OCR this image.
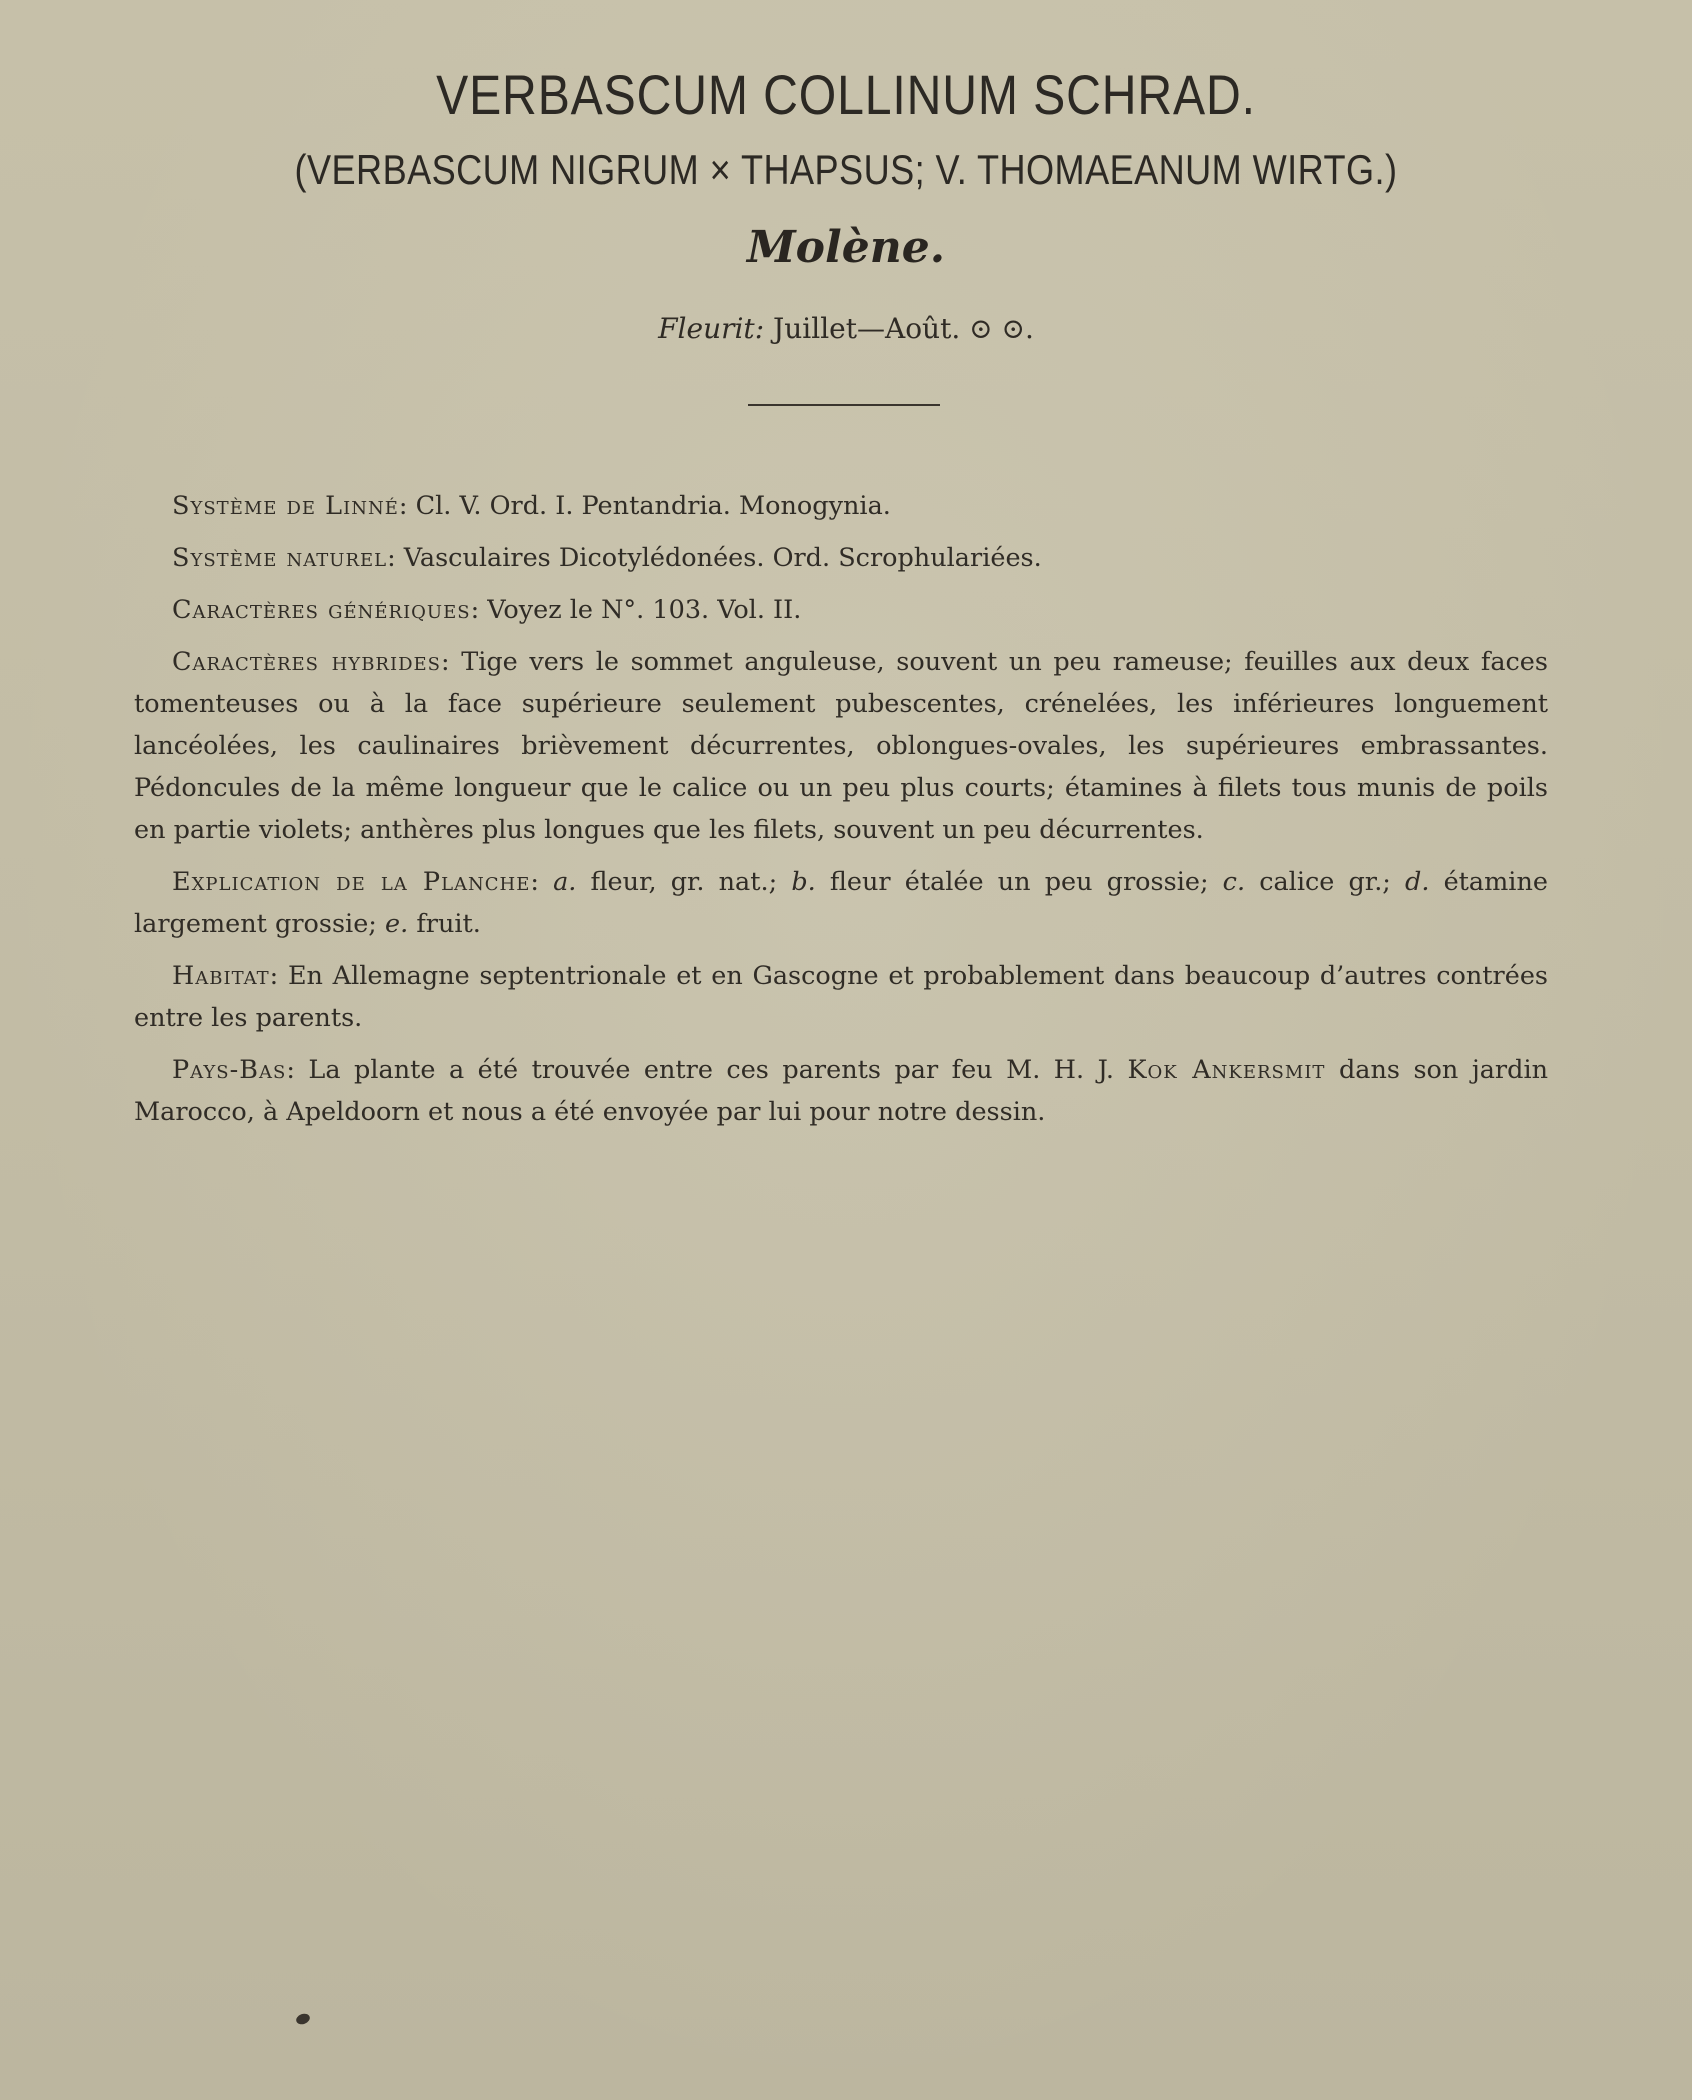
VERBASCUM COLLINUM SCHRAD.
(VERBASCUM NIGRUM × THAPSUS; V. THOMAEANUM WIRTG.)
Molène.
Fleurit: Juillet—Août. ⊙ ⊙.

Système de Linné: Cl. V. Ord. I. Pentandria. Monogynia.

Système naturel: Vasculaires Dicotylédonées. Ord. Scrophulariées.

Caractères génériques: Voyez le N°. 103. Vol. II.

Caractères hybrides: Tige vers le sommet anguleuse, souvent un peu rameuse; feuilles aux deux faces tomenteuses ou à la face supérieure seulement pubescentes, crénelées, les inférieures longuement lancéolées, les caulinaires brièvement décurrentes, oblongues-ovales, les supérieures embrassantes. Pédoncules de la même longueur que le calice ou un peu plus courts; étamines à filets tous munis de poils en partie violets; anthères plus longues que les filets, souvent un peu décurrentes.

Explication de la Planche: a. fleur, gr. nat.; b. fleur étalée un peu grossie; c. calice gr.; d. étamine largement grossie; e. fruit.

Habitat: En Allemagne septentrionale et en Gascogne et probablement dans beaucoup d’autres contrées entre les parents.

Pays-Bas: La plante a été trouvée entre ces parents par feu M. H. J. Kok Ankersmit dans son jardin Marocco, à Apeldoorn et nous a été envoyée par lui pour notre dessin.
